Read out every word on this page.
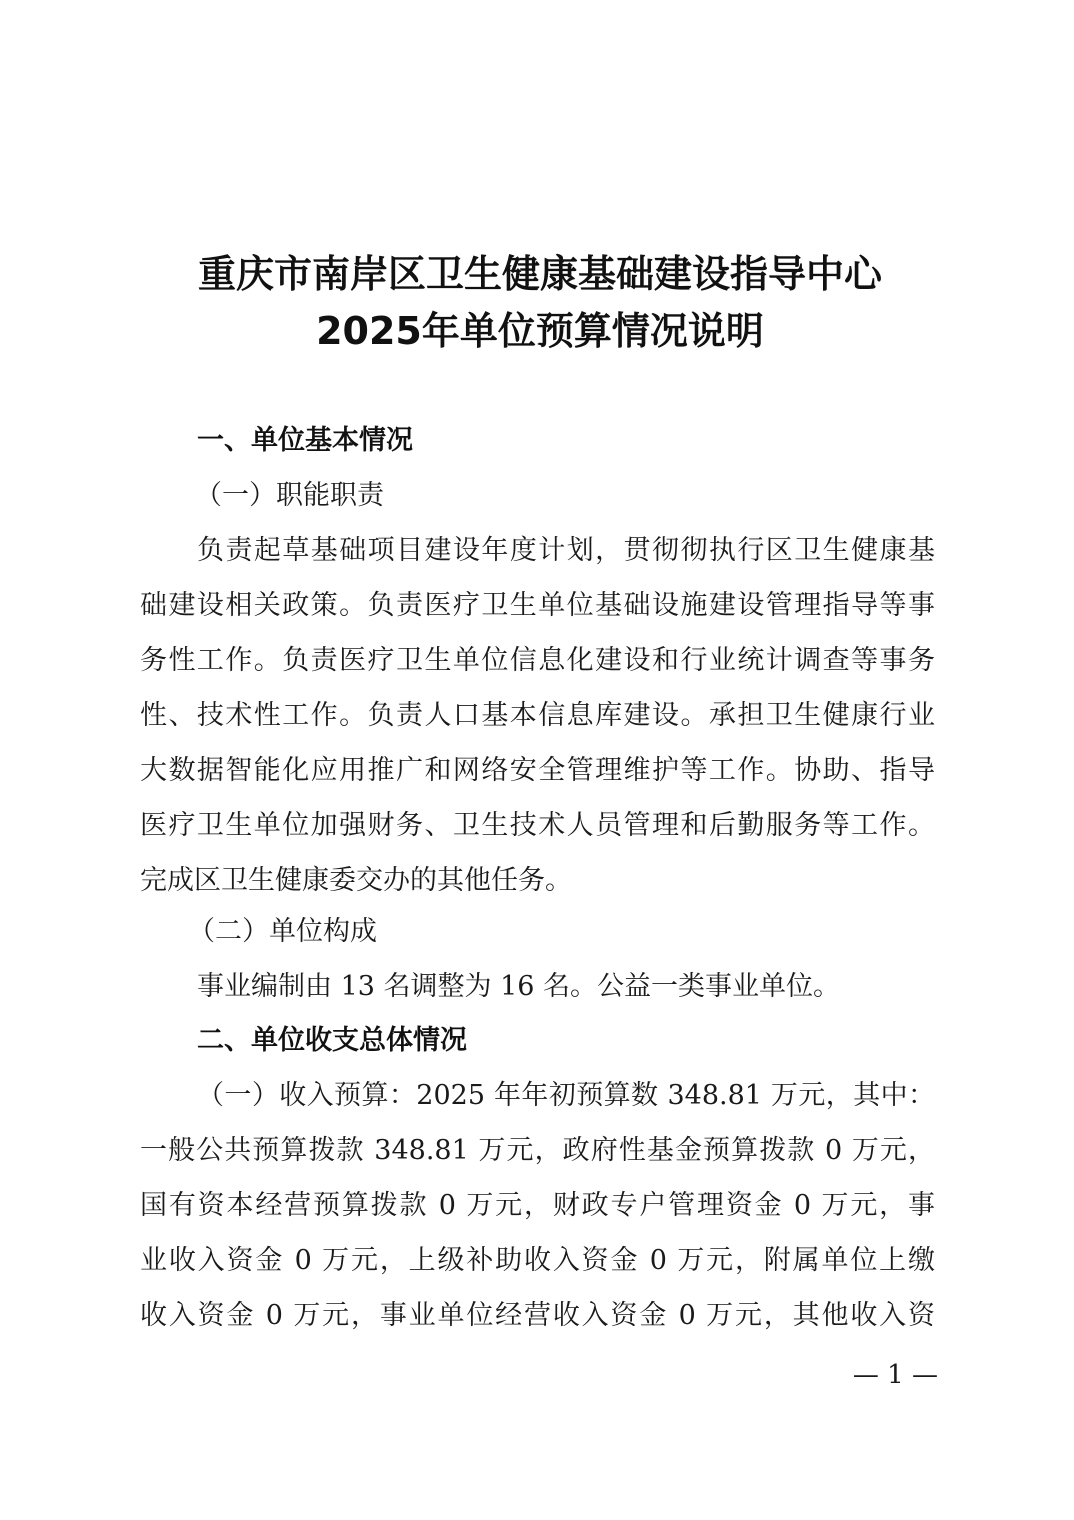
重庆市南岸区卫生健康基础建设指导中心
2025年单位预算情况说明
一、单位基本情况
（一）职能职责
负责起草基础项目建设年度计划，贯彻彻执行区卫生健康基
础建设相关政策。负责医疗卫生单位基础设施建设管理指导等事
务性工作。负责医疗卫生单位信息化建设和行业统计调查等事务
性、技术性工作。负责人口基本信息库建设。承担卫生健康行业
大数据智能化应用推广和网络安全管理维护等工作。协助、指导
医疗卫生单位加强财务、卫生技术人员管理和后勤服务等工作。
完成区卫生健康委交办的其他任务。
（二）单位构成
事业编制由 13 名调整为 16 名。公益一类事业单位。
二、单位收支总体情况
（一）收入预算：2025 年年初预算数 348.81 万元，其中：
一般公共预算拨款 348.81 万元，政府性基金预算拨款 0 万元，
国有资本经营预算拨款 0 万元，财政专户管理资金 0 万元，事
业收入资金 0 万元，上级补助收入资金 0 万元，附属单位上缴
收入资金 0 万元，事业单位经营收入资金 0 万元，其他收入资
— 1 —
